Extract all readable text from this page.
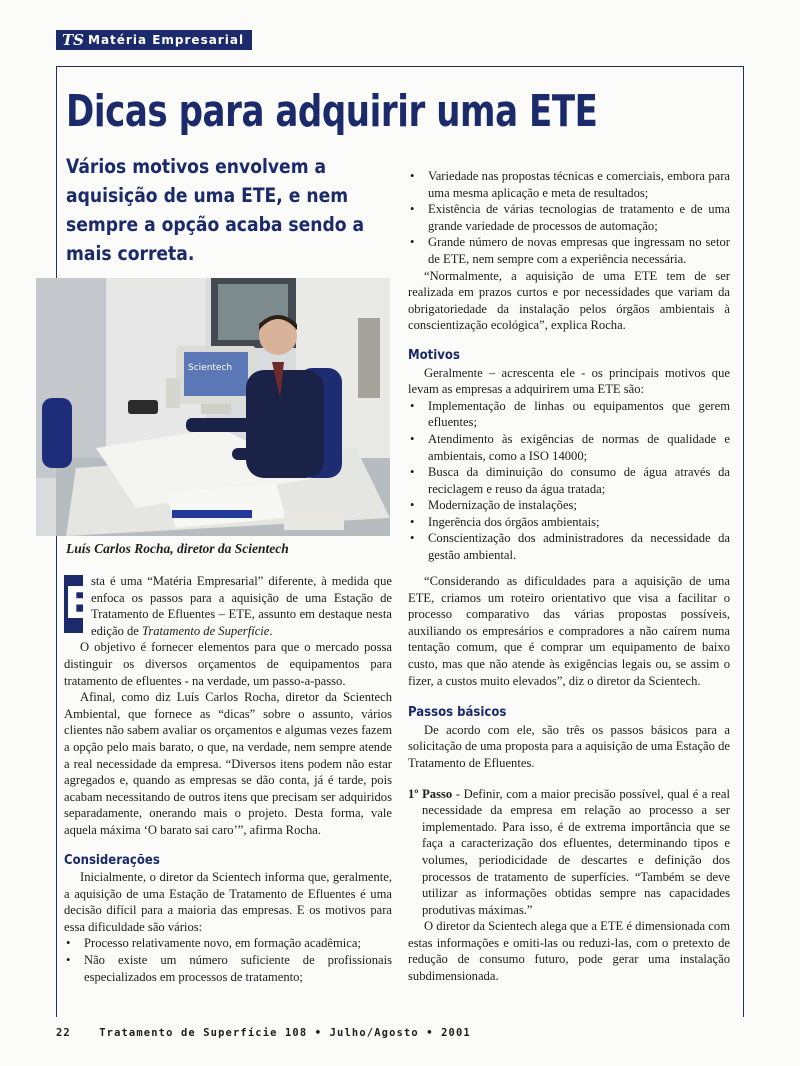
TS Matéria Empresarial
Dicas para adquirir uma ETE

Vários motivos envolvem a aquisição de uma ETE, e nem sempre a opção acaba sendo a mais correta.

Scientech
Luís Carlos Rocha, diretor da Scientech

E
sta é uma “Matéria Empresarial” diferente, à medida que enfoca os passos para a aquisição de uma Estação de Tratamento de Efluentes – ETE, assunto em destaque nesta edição de Tratamento de Superfície.

O objetivo é fornecer elementos para que o mercado possa distinguir os diversos orçamentos de equipamentos para tratamento de efluentes - na verdade, um passo-a-passo.

Afinal, como diz Luís Carlos Rocha, diretor da Scientech Ambiental, que fornece as “dicas” sobre o assunto, vários clientes não sabem avaliar os orçamentos e algumas vezes fazem a opção pelo mais barato, o que, na verdade, nem sempre atende a real necessidade da empresa. “Diversos itens podem não estar agregados e, quando as empresas se dão conta, já é tarde, pois acabam necessitando de outros itens que precisam ser adquiridos separadamente, onerando mais o projeto. Desta forma, vale aquela máxima ‘O barato sai caro’”, afirma Rocha.

Considerações

Inicialmente, o diretor da Scientech informa que, geralmente, a aquisição de uma Estação de Tratamento de Efluentes é uma decisão difícil para a maioria das empresas. E os motivos para essa dificuldade são vários:

• Processo relativamente novo, em formação acadêmica;
• Não existe um número suficiente de profissionais especializados em processos de tratamento;
• Variedade nas propostas técnicas e comerciais, embora para uma mesma aplicação e meta de resultados;
• Existência de várias tecnologias de tratamento e de uma grande variedade de processos de automação;
• Grande número de novas empresas que ingressam no setor de ETE, nem sempre com a experiência necessária.

“Normalmente, a aquisição de uma ETE tem de ser realizada em prazos curtos e por necessidades que variam da obrigatoriedade da instalação pelos órgãos ambientais à conscientização ecológica”, explica Rocha.

Motivos

Geralmente – acrescenta ele - os principais motivos que levam as empresas a adquirirem uma ETE são:

• Implementação de linhas ou equipamentos que gerem efluentes;
• Atendimento às exigências de normas de qualidade e ambientais, como a ISO 14000;
• Busca da diminuição do consumo de água através da reciclagem e reuso da água tratada;
• Modernização de instalações;
• Ingerência dos órgãos ambientais;
• Conscientização dos administradores da necessidade da gestão ambiental.

“Considerando as dificuldades para a aquisição de uma ETE, criamos um roteiro orientativo que visa a facilitar o processo comparativo das várias propostas possíveis, auxiliando os empresários e compradores a não caírem numa tentação comum, que é comprar um equipamento de baixo custo, mas que não atende às exigências legais ou, se assim o fizer, a custos muito elevados”, diz o diretor da Scientech.

Passos básicos

De acordo com ele, são três os passos básicos para a solicitação de uma proposta para a aquisição de uma Estação de Tratamento de Efluentes.

1º Passo - Definir, com a maior precisão possível, qual é a real necessidade da empresa em relação ao processo a ser implementado. Para isso, é de extrema importância que se faça a caracterização dos efluentes, determinando tipos e volumes, periodicidade de descartes e definição dos processos de tratamento de superfícies. “Também se deve utilizar as informações obtidas sempre nas capacidades produtivas máximas.”

O diretor da Scientech alega que a ETE é dimensionada com estas informações e omiti-las ou reduzi-las, com o pretexto de redução de consumo futuro, pode gerar uma instalação subdimensionada.

22	Tratamento de Superfície 108 • Julho/Agosto • 2001
